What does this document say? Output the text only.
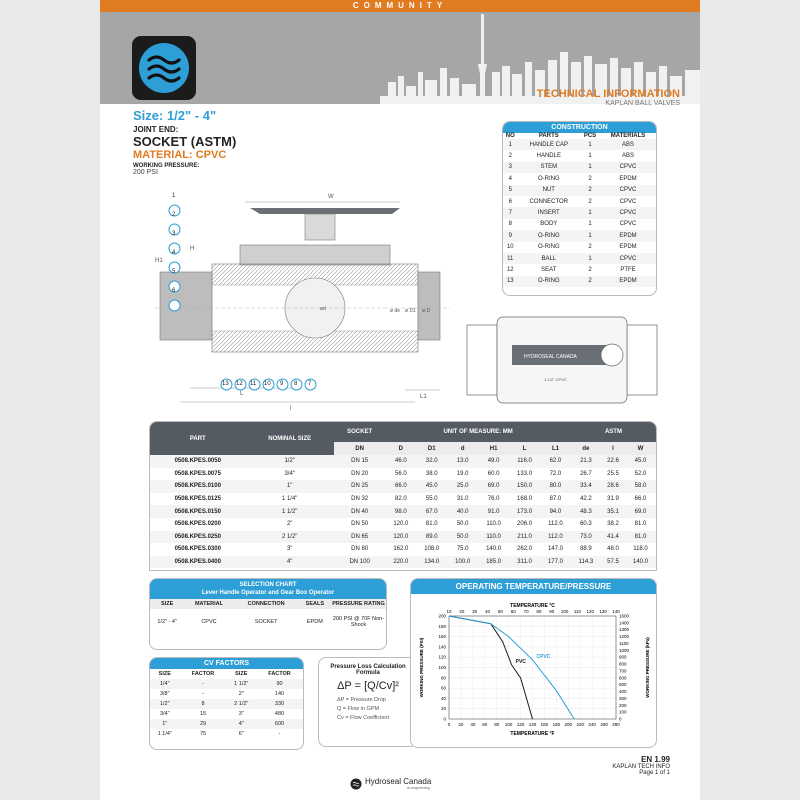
COMMUNITY
TECHNICAL INFORMATION
KAPLAN BALL VALVES
Size: 1/2" - 4"
JOINT END:
SOCKET (ASTM)
MATERIAL: CPVC
WORKING PRESSURE:
200 PSI
W
ød	ø de ø D1 ø D
H1
H
L
l
L1
1
2
3
4
5
6
13 12 11 10 9 8 7
HYDROSEAL CANADA
1-1/2" CPVC
CONSTRUCTION
NO	PARTS	PCS	MATERIALS
1	HANDLE CAP	1	ABS
2	HANDLE	1	ABS
3	STEM	1	CPVC
4	O-RING	2	EPDM
5	NUT	2	CPVC
6	CONNECTOR	2	CPVC
7	INSERT	1	CPVC
8	BODY	1	CPVC
9	O-RING	1	EPDM
10	O-RING	2	EPDM
11	BALL	1	CPVC
12	SEAT	2	PTFE
13	O-RING	2	EPDM
PART	NOMINAL SIZE	SOCKET	UNIT OF MEASURE: MM						ASTM		
		DN	D	D1	d	H1	L	L1	de	l	W
0508.KPES.0050	1/2"	DN 15	46.0	32.0	13.0	49.0	116.0	62.0	21.3	22.6	45.0
0508.KPES.0075	3/4"	DN 20	56.0	38.0	19.0	60.0	133.0	72.0	26.7	25.5	52.0
0508.KPES.0100	1"	DN 25	66.0	45.0	25.0	69.0	150.0	80.0	33.4	28.6	58.0
0508.KPES.0125	1 1/4"	DN 32	82.0	55.0	31.0	76.0	168.0	87.0	42.2	31.9	66.0
0508.KPES.0150	1 1/2"	DN 40	98.0	67.0	40.0	91.0	173.0	94.0	48.3	35.1	69.0
0508.KPES.0200	2"	DN 50	120.0	81.0	50.0	110.0	206.0	112.0	60.3	38.2	81.0
0508.KPES.0250	2 1/2"	DN 65	120.0	89.0	50.0	110.0	211.0	112.0	73.0	41.4	81.0
0508.KPES.0300	3"	DN 80	162.0	108.0	75.0	140.0	262.0	147.0	88.9	48.0	118.0
0508.KPES.0400	4"	DN 100	220.0	134.0	100.0	185.0	311.0	177.0	114.3	57.5	140.0
SELECTION CHART
Lever Handle Operator and Gear Box Operator
SIZE	MATERIAL	CONNECTION	SEALS	PRESSURE RATING
1/2" - 4"	CPVC	SOCKET	EPDM	200 PSI @ 70F Non-Shock
CV FACTORS
SIZE	FACTOR	SIZE	FACTOR
1/4"	-	1 1/2"	90
3/8"	-	2"	140
1/2"	8	2 1/2"	330
3/4"	15	3"	480
1"	29	4"	600
1 1/4"	75	6"	-
Pressure Loss Calculation Formula
ΔP = [Q/Cv]²
ΔP = Pressure Drop
Q = Flow in GPM
Cv = Flow Coefficient
OPERATING TEMPERATURE/PRESSURE
0 20 40 60 80 100 120 140 160 180 200 220 240 260 280
10 20 30 40 50 60 70 80 90 100 110 120 130 140
0
20
40
60
80
100
120
140
160
180
200
0
100
200
300
400
500
600
700
800
900
1000
1100
1200
1300
1400
1600
PVC
CPVC
TEMPERATURE °C
TEMPERATURE °F
WORKING PRESSURE (PSI)	WORKING PRESSURE (kPa)
EN 1.99
KAPLAN TECH INFO
Page 1 of 1
Hydroseal Canada
re-engineering
